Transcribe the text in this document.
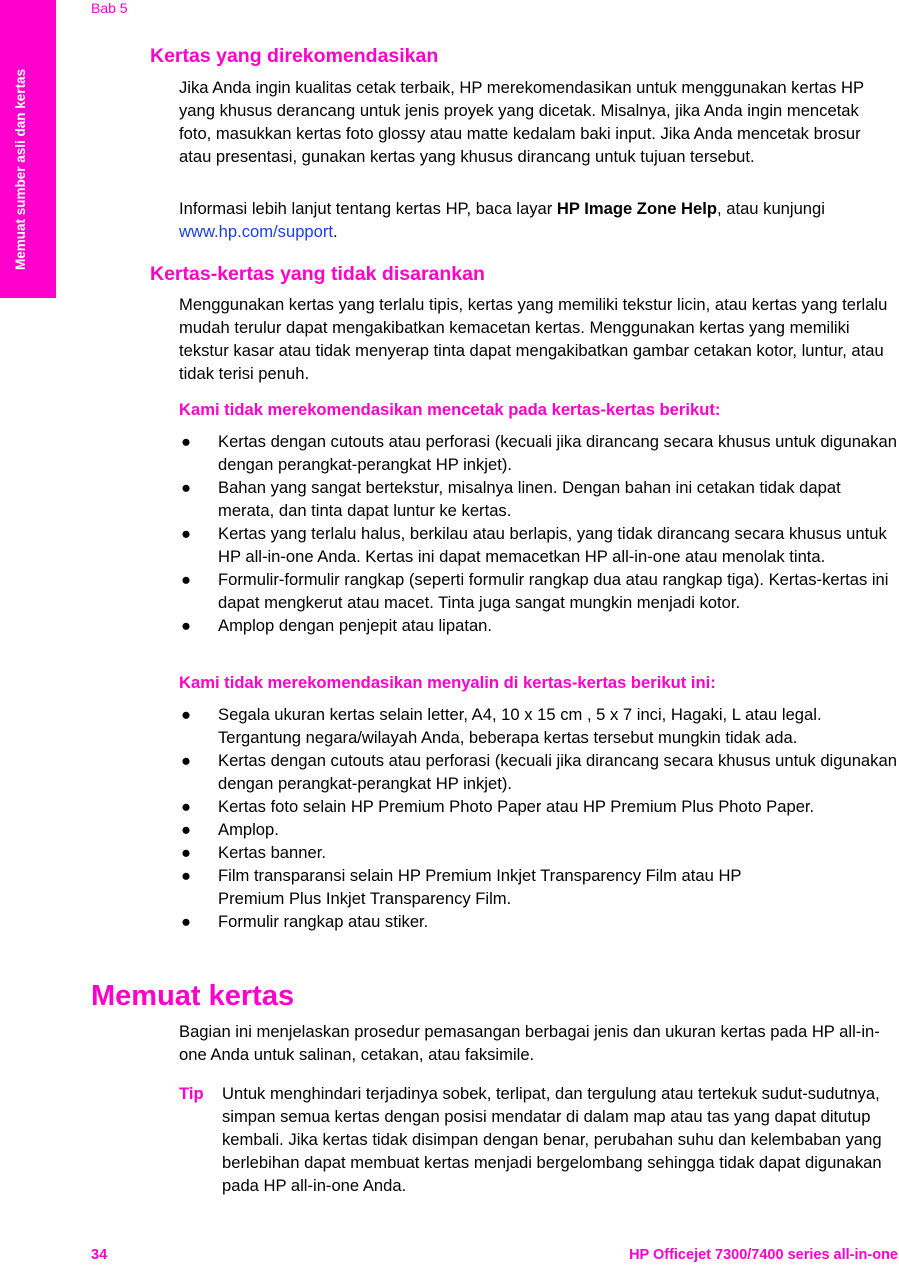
Memuat sumber asli dan kertas
Bab 5
Kertas yang direkomendasikan

Jika Anda ingin kualitas cetak terbaik, HP merekomendasikan untuk menggunakan kertas HP yang khusus derancang untuk jenis proyek yang dicetak. Misalnya, jika Anda ingin mencetak foto, masukkan kertas foto glossy atau matte kedalam baki input. Jika Anda mencetak brosur atau presentasi, gunakan kertas yang khusus dirancang untuk tujuan tersebut.

Informasi lebih lanjut tentang kertas HP, baca layar HP Image Zone Help, atau kunjungi www.hp.com/support.

Kertas-kertas yang tidak disarankan

Menggunakan kertas yang terlalu tipis, kertas yang memiliki tekstur licin, atau kertas yang terlalu mudah terulur dapat mengakibatkan kemacetan kertas. Menggunakan kertas yang memiliki tekstur kasar atau tidak menyerap tinta dapat mengakibatkan gambar cetakan kotor, luntur, atau tidak terisi penuh.

Kami tidak merekomendasikan mencetak pada kertas-kertas berikut:
● Kertas dengan cutouts atau perforasi (kecuali jika dirancang secara khusus untuk digunakan dengan perangkat-perangkat HP inkjet).
● Bahan yang sangat bertekstur, misalnya linen. Dengan bahan ini cetakan tidak dapat merata, dan tinta dapat luntur ke kertas.
● Kertas yang terlalu halus, berkilau atau berlapis, yang tidak dirancang secara khusus untuk HP all-in-one Anda. Kertas ini dapat memacetkan HP all-in-one atau menolak tinta.
● Formulir-formulir rangkap (seperti formulir rangkap dua atau rangkap tiga). Kertas-kertas ini dapat mengkerut atau macet. Tinta juga sangat mungkin menjadi kotor.
● Amplop dengan penjepit atau lipatan.
Kami tidak merekomendasikan menyalin di kertas-kertas berikut ini:
● Segala ukuran kertas selain letter, A4, 10 x 15 cm , 5 x 7 inci, Hagaki, L atau legal. Tergantung negara/wilayah Anda, beberapa kertas tersebut mungkin tidak ada.
● Kertas dengan cutouts atau perforasi (kecuali jika dirancang secara khusus untuk digunakan dengan perangkat-perangkat HP inkjet).
● Kertas foto selain HP Premium Photo Paper atau HP Premium Plus Photo Paper.
● Amplop.
● Kertas banner.
● Film transparansi selain HP Premium Inkjet Transparency Film atau HP Premium Plus Inkjet Transparency Film.
● Formulir rangkap atau stiker.
Memuat kertas

Bagian ini menjelaskan prosedur pemasangan berbagai jenis dan ukuran kertas pada HP all-in-one Anda untuk salinan, cetakan, atau faksimile.

Tip Untuk menghindari terjadinya sobek, terlipat, dan tergulung atau tertekuk sudut-sudutnya, simpan semua kertas dengan posisi mendatar di dalam map atau tas yang dapat ditutup kembali. Jika kertas tidak disimpan dengan benar, perubahan suhu dan kelembaban yang berlebihan dapat membuat kertas menjadi bergelombang sehingga tidak dapat digunakan pada HP all-in-one Anda.

34	HP Officejet 7300/7400 series all-in-one
